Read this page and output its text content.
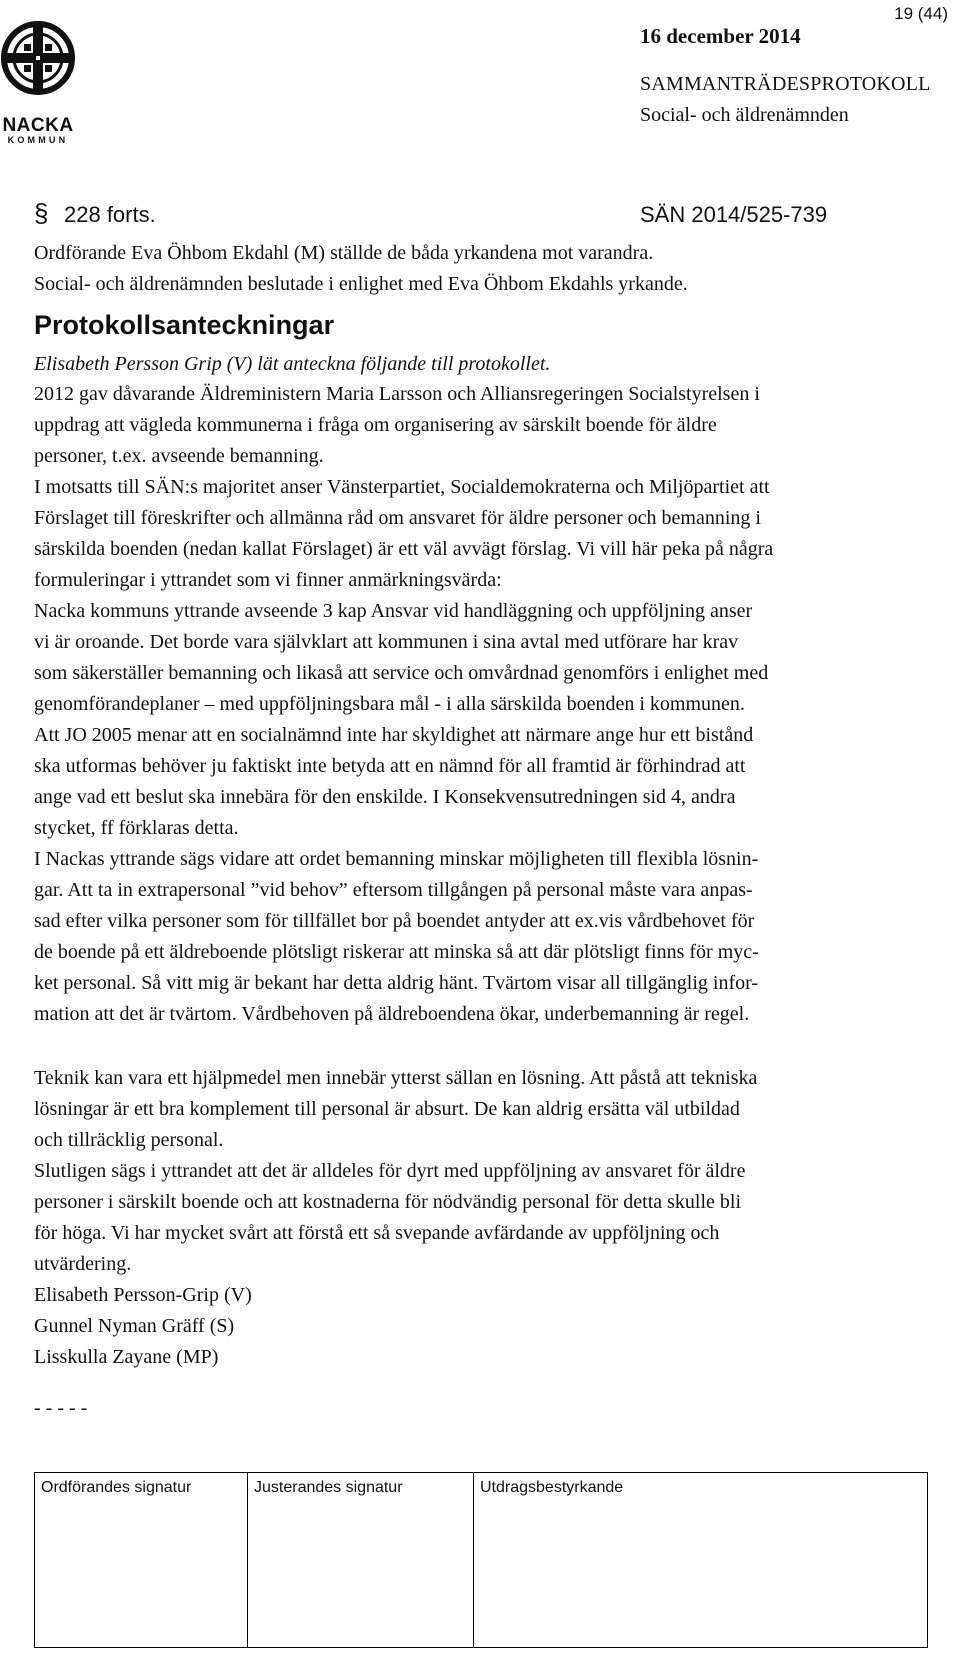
NACKA
KOMMUN
19 (44)
16 december 2014
SAMMANTRÄDESPROTOKOLL
Social- och äldrenämnden
§ 228 forts.	SÄN 2014/525-739
Ordförande Eva Öhbom Ekdahl (M) ställde de båda yrkandena mot varandra.
Social- och äldrenämnden beslutade i enlighet med Eva Öhbom Ekdahls yrkande.
Protokollsanteckningar
Elisabeth Persson Grip (V) lät anteckna följande till protokollet.
2012 gav dåvarande Äldreministern Maria Larsson och Alliansregeringen Socialstyrelsen i
uppdrag att vägleda kommunerna i fråga om organisering av särskilt boende för äldre
personer, t.ex. avseende bemanning.
I motsatts till SÄN:s majoritet anser Vänsterpartiet, Socialdemokraterna och Miljöpartiet att
Förslaget till föreskrifter och allmänna råd om ansvaret för äldre personer och bemanning i
särskilda boenden (nedan kallat Förslaget) är ett väl avvägt förslag. Vi vill här peka på några
formuleringar i yttrandet som vi finner anmärkningsvärda:
Nacka kommuns yttrande avseende 3 kap Ansvar vid handläggning och uppföljning anser
vi är oroande. Det borde vara självklart att kommunen i sina avtal med utförare har krav
som säkerställer bemanning och likaså att service och omvårdnad genomförs i enlighet med
genomförandeplaner – med uppföljningsbara mål - i alla särskilda boenden i kommunen.
Att JO 2005 menar att en socialnämnd inte har skyldighet att närmare ange hur ett bistånd
ska utformas behöver ju faktiskt inte betyda att en nämnd för all framtid är förhindrad att
ange vad ett beslut ska innebära för den enskilde. I Konsekvensutredningen sid 4, andra
stycket, ff förklaras detta.
I Nackas yttrande sägs vidare att ordet bemanning minskar möjligheten till flexibla lösnin-
gar. Att ta in extrapersonal ”vid behov” eftersom tillgången på personal måste vara anpas-
sad efter vilka personer som för tillfället bor på boendet antyder att ex.vis vårdbehovet för
de boende på ett äldreboende plötsligt riskerar att minska så att där plötsligt finns för myc-
ket personal. Så vitt mig är bekant har detta aldrig hänt. Tvärtom visar all tillgänglig infor-
mation att det är tvärtom. Vårdbehoven på äldreboendena ökar, underbemanning är regel.
Teknik kan vara ett hjälpmedel men innebär ytterst sällan en lösning. Att påstå att tekniska
lösningar är ett bra komplement till personal är absurt. De kan aldrig ersätta väl utbildad
och tillräcklig personal.
Slutligen sägs i yttrandet att det är alldeles för dyrt med uppföljning av ansvaret för äldre
personer i särskilt boende och att kostnaderna för nödvändig personal för detta skulle bli
för höga. Vi har mycket svårt att förstå ett så svepande avfärdande av uppföljning och
utvärdering.
Elisabeth Persson-Grip (V)
Gunnel Nyman Gräff (S)
Lisskulla Zayane (MP)
- - - - -
Ordförandes signatur	Justerandes signatur	Utdragsbestyrkande
